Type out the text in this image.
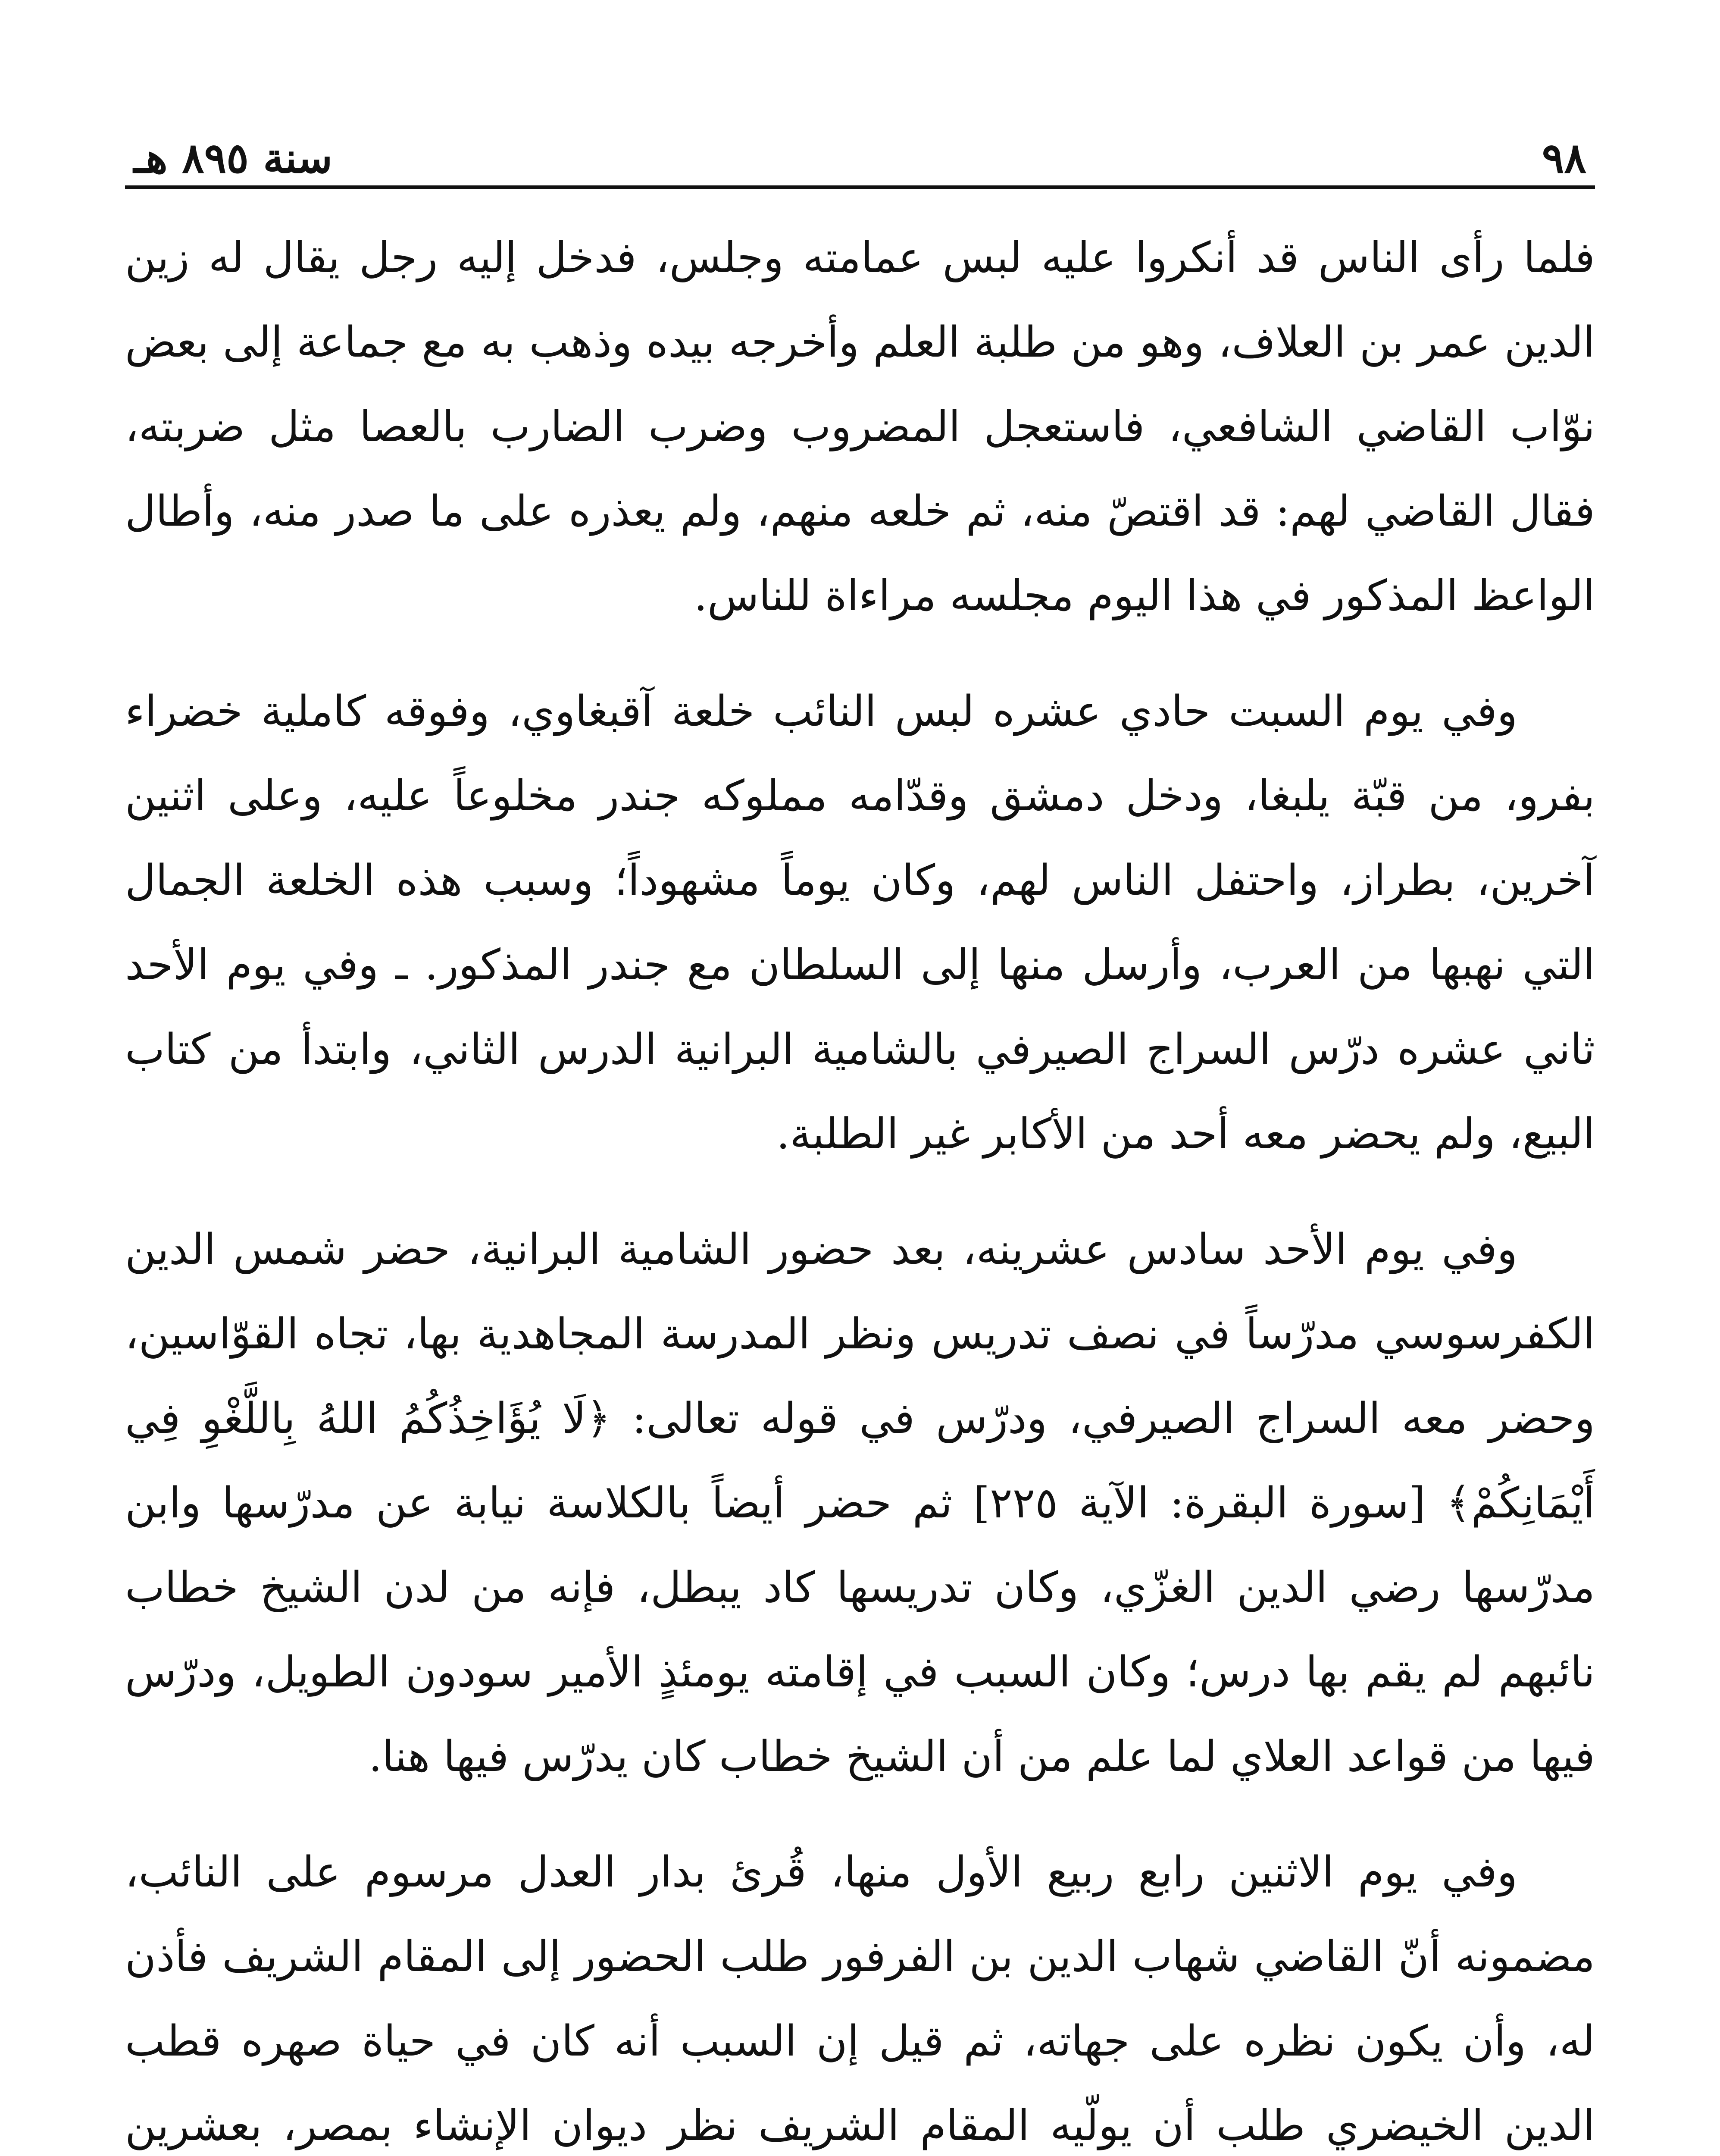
٩٨
سنة ٨٩٥ هـ

فلما رأى الناس قد أنكروا عليه لبس عمامته وجلس، فدخل إليه رجل يقال له زين الدين عمر بن العلاف، وهو من طلبة العلم وأخرجه بيده وذهب به مع جماعة إلى بعض نوّاب القاضي الشافعي، فاستعجل المضروب وضرب الضارب بالعصا مثل ضربته، فقال القاضي لهم: قد اقتصّ منه، ثم خلعه منهم، ولم يعذره على ما صدر منه، وأطال الواعظ المذكور في هذا اليوم مجلسه مراءاة للناس.

وفي يوم السبت حادي عشره لبس النائب خلعة آقبغاوي، وفوقه كاملية خضراء بفرو، من قبّة يلبغا، ودخل دمشق وقدّامه مملوكه جندر مخلوعاً عليه، وعلى اثنين آخرين، بطراز، واحتفل الناس لهم، وكان يوماً مشهوداً؛ وسبب هذه الخلعة الجمال التي نهبها من العرب، وأرسل منها إلى السلطان مع جندر المذكور. ـ وفي يوم الأحد ثاني عشره درّس السراج الصيرفي بالشامية البرانية الدرس الثاني، وابتدأ من كتاب البيع، ولم يحضر معه أحد من الأكابر غير الطلبة.

وفي يوم الأحد سادس عشرينه، بعد حضور الشامية البرانية، حضر شمس الدين الكفرسوسي مدرّساً في نصف تدريس ونظر المدرسة المجاهدية بها، تجاه القوّاسين، وحضر معه السراج الصيرفي، ودرّس في قوله تعالى: ﴿لَا يُؤَاخِذُكُمُ اللهُ بِاللَّغْوِ فِي أَيْمَانِكُمْ﴾ [سورة البقرة: الآية ٢٢٥] ثم حضر أيضاً بالكلاسة نيابة عن مدرّسها وابن مدرّسها رضي الدين الغزّي، وكان تدريسها كاد يبطل، فإنه من لدن الشيخ خطاب نائبهم لم يقم بها درس؛ وكان السبب في إقامته يومئذٍ الأمير سودون الطويل، ودرّس فيها من قواعد العلاي لما علم من أن الشيخ خطاب كان يدرّس فيها هنا.

وفي يوم الاثنين رابع ربيع الأول منها، قُرئ بدار العدل مرسوم على النائب، مضمونه أنّ القاضي شهاب الدين بن الفرفور طلب الحضور إلى المقام الشريف فأذن له، وأن يكون نظره على جهاته، ثم قيل إن السبب أنه كان في حياة صهره قطب الدين الخيضري طلب أن يولّيه المقام الشريف نظر ديوان الإنشاء بمصر، بعشرين
